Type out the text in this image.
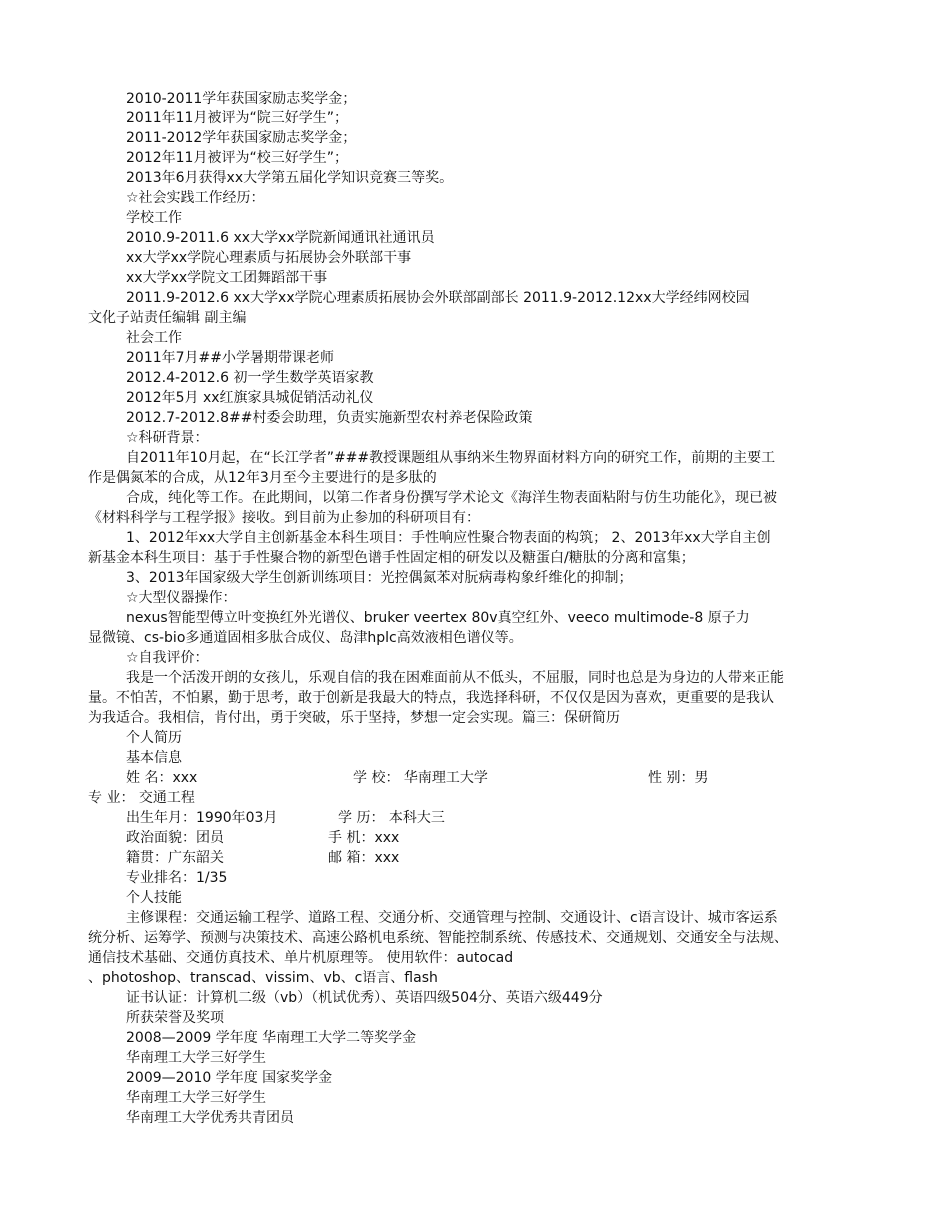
2010-2011学年获国家励志奖学金；

2011年11月被评为“院三好学生”；

2011-2012学年获国家励志奖学金；

2012年11月被评为“校三好学生”；

2013年6月获得xx大学第五届化学知识竞赛三等奖。

☆社会实践工作经历：

学校工作

2010.9-2011.6 xx大学xx学院新闻通讯社通讯员

xx大学xx学院心理素质与拓展协会外联部干事

xx大学xx学院文工团舞蹈部干事

2011.9-2012.6 xx大学xx学院心理素质拓展协会外联部副部长 2011.9-2012.12xx大学经纬网校园

文化子站责任编辑 副主编

社会工作

2011年7月##小学暑期带课老师

2012.4-2012.6 初一学生数学英语家教

2012年5月 xx红旗家具城促销活动礼仪

2012.7-2012.8##村委会助理，负责实施新型农村养老保险政策

☆科研背景：

自2011年10月起，在“长江学者”###教授课题组从事纳米生物界面材料方向的研究工作，前期的主要工

作是偶氮苯的合成，从12年3月至今主要进行的是多肽的

合成，纯化等工作。在此期间，以第二作者身份撰写学术论文《海洋生物表面粘附与仿生功能化》，现已被

《材料科学与工程学报》接收。到目前为止参加的科研项目有：

1、2012年xx大学自主创新基金本科生项目：手性响应性聚合物表面的构筑； 2、2013年xx大学自主创

新基金本科生项目：基于手性聚合物的新型色谱手性固定相的研发以及糖蛋白/糖肽的分离和富集；

3、2013年国家级大学生创新训练项目：光控偶氮苯对朊病毒构象纤维化的抑制；

☆大型仪器操作：

nexus智能型傅立叶变换红外光谱仪、bruker veertex 80v真空红外、veeco multimode-8 原子力

显微镜、cs-bio多通道固相多肽合成仪、岛津hplc高效液相色谱仪等。

☆自我评价：

我是一个活泼开朗的女孩儿，乐观自信的我在困难面前从不低头，不屈服，同时也总是为身边的人带来正能

量。不怕苦，不怕累，勤于思考，敢于创新是我最大的特点，我选择科研，不仅仅是因为喜欢，更重要的是我认

为我适合。我相信，肯付出，勇于突破，乐于坚持，梦想一定会实现。篇三：保研简历

个人简历

基本信息

姓 名：xxx	学 校： 华南理工大学	性 别：男

专 业： 交通工程

出生年月：1990年03月	学 历： 本科大三
政治面貌：团员	手 机：xxx
籍贯：广东韶关	邮 箱：xxx

专业排名：1/35

个人技能

主修课程：交通运输工程学、道路工程、交通分析、交通管理与控制、交通设计、c语言设计、城市客运系

统分析、运筹学、预测与决策技术、高速公路机电系统、智能控制系统、传感技术、交通规划、交通安全与法规、

通信技术基础、交通仿真技术、单片机原理等。 使用软件：autocad

、photoshop、transcad、vissim、vb、c语言、flash

证书认证：计算机二级（vb）（机试优秀）、英语四级504分、英语六级449分

所获荣誉及奖项

2008—2009 学年度 华南理工大学二等奖学金

华南理工大学三好学生

2009—2010 学年度 国家奖学金

华南理工大学三好学生

华南理工大学优秀共青团员
